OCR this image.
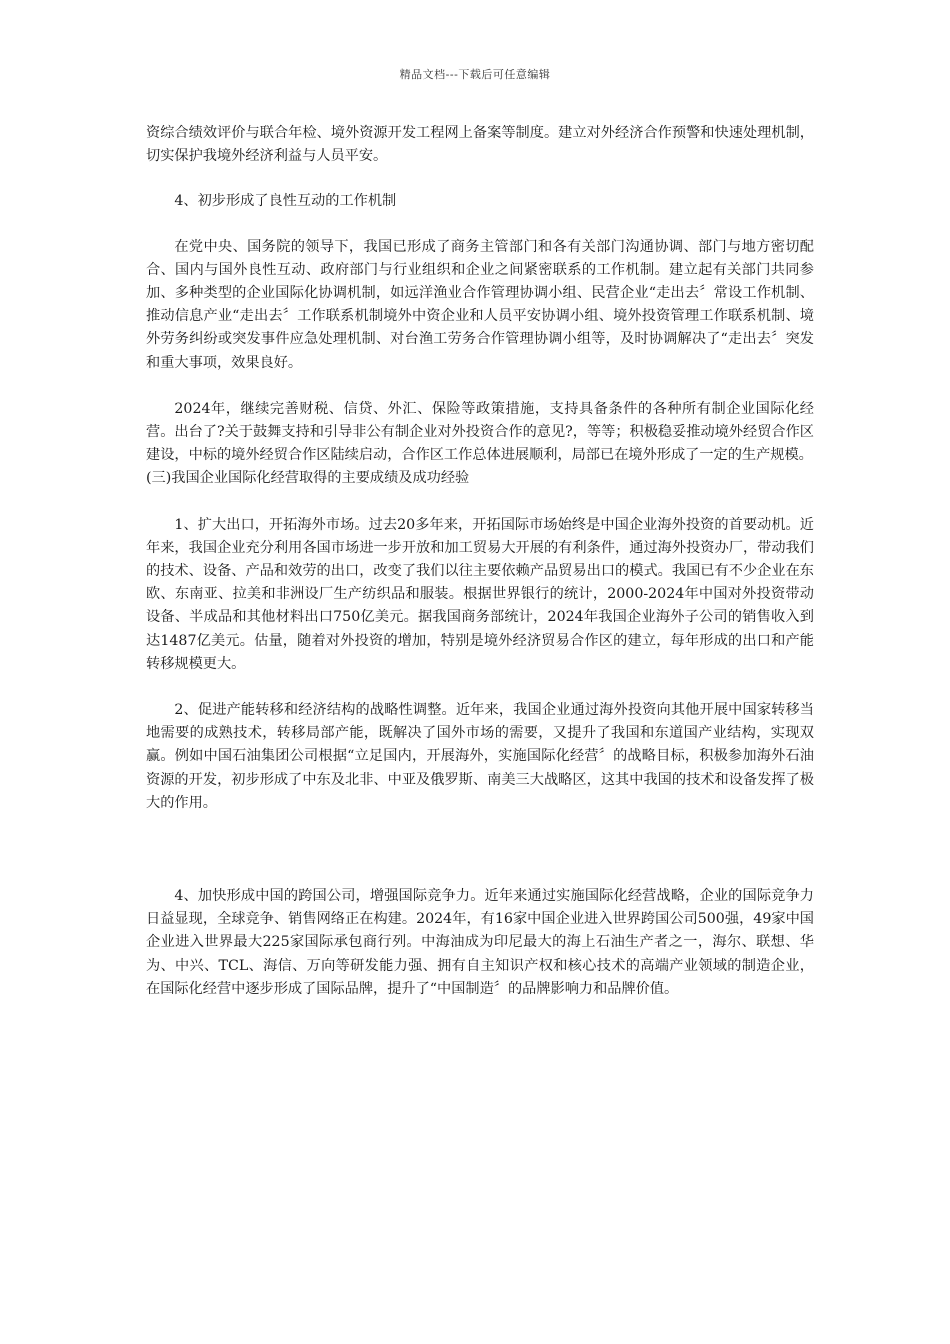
精品文档---下载后可任意编辑

资综合绩效评价与联合年检、境外资源开发工程网上备案等制度。建立对外经济合作预警和快速处理机制，切实保护我境外经济利益与人员平安。

4、初步形成了良性互动的工作机制

在党中央、国务院的领导下，我国已形成了商务主管部门和各有关部门沟通协调、部门与地方密切配合、国内与国外良性互动、政府部门与行业组织和企业之间紧密联系的工作机制。建立起有关部门共同参加、多种类型的企业国际化协调机制，如远洋渔业合作管理协调小组、民营企业“走出去〞常设工作机制、推动信息产业“走出去〞工作联系机制境外中资企业和人员平安协调小组、境外投资管理工作联系机制、境外劳务纠纷或突发事件应急处理机制、对台渔工劳务合作管理协调小组等，及时协调解决了“走出去〞突发和重大事项，效果良好。

2024年，继续完善财税、信贷、外汇、保险等政策措施，支持具备条件的各种所有制企业国际化经营。出台了?关于鼓舞支持和引导非公有制企业对外投资合作的意见?，等等；积极稳妥推动境外经贸合作区建设，中标的境外经贸合作区陆续启动，合作区工作总体进展顺利，局部已在境外形成了一定的生产规模。

(三)我国企业国际化经营取得的主要成绩及成功经验

1、扩大出口，开拓海外市场。过去20多年来，开拓国际市场始终是中国企业海外投资的首要动机。近年来，我国企业充分利用各国市场进一步开放和加工贸易大开展的有利条件，通过海外投资办厂，带动我们的技术、设备、产品和效劳的出口，改变了我们以往主要依赖产品贸易出口的模式。我国已有不少企业在东欧、东南亚、拉美和非洲设厂生产纺织品和服装。根据世界银行的统计，2000-2024年中国对外投资带动设备、半成品和其他材料出口750亿美元。据我国商务部统计，2024年我国企业海外子公司的销售收入到达1487亿美元。估量，随着对外投资的增加，特别是境外经济贸易合作区的建立，每年形成的出口和产能转移规模更大。

2、促进产能转移和经济结构的战略性调整。近年来，我国企业通过海外投资向其他开展中国家转移当地需要的成熟技术，转移局部产能，既解决了国外市场的需要，又提升了我国和东道国产业结构，实现双赢。例如中国石油集团公司根据“立足国内，开展海外，实施国际化经营〞的战略目标，积极参加海外石油资源的开发，初步形成了中东及北非、中亚及俄罗斯、南美三大战略区，这其中我国的技术和设备发挥了极大的作用。

4、加快形成中国的跨国公司，增强国际竞争力。近年来通过实施国际化经营战略，企业的国际竞争力日益显现，全球竞争、销售网络正在构建。2024年，有16家中国企业进入世界跨国公司500强，49家中国企业进入世界最大225家国际承包商行列。中海油成为印尼最大的海上石油生产者之一，海尔、联想、华为、中兴、TCL、海信、万向等研发能力强、拥有自主知识产权和核心技术的高端产业领域的制造企业，在国际化经营中逐步形成了国际品牌，提升了“中国制造〞的品牌影响力和品牌价值。
